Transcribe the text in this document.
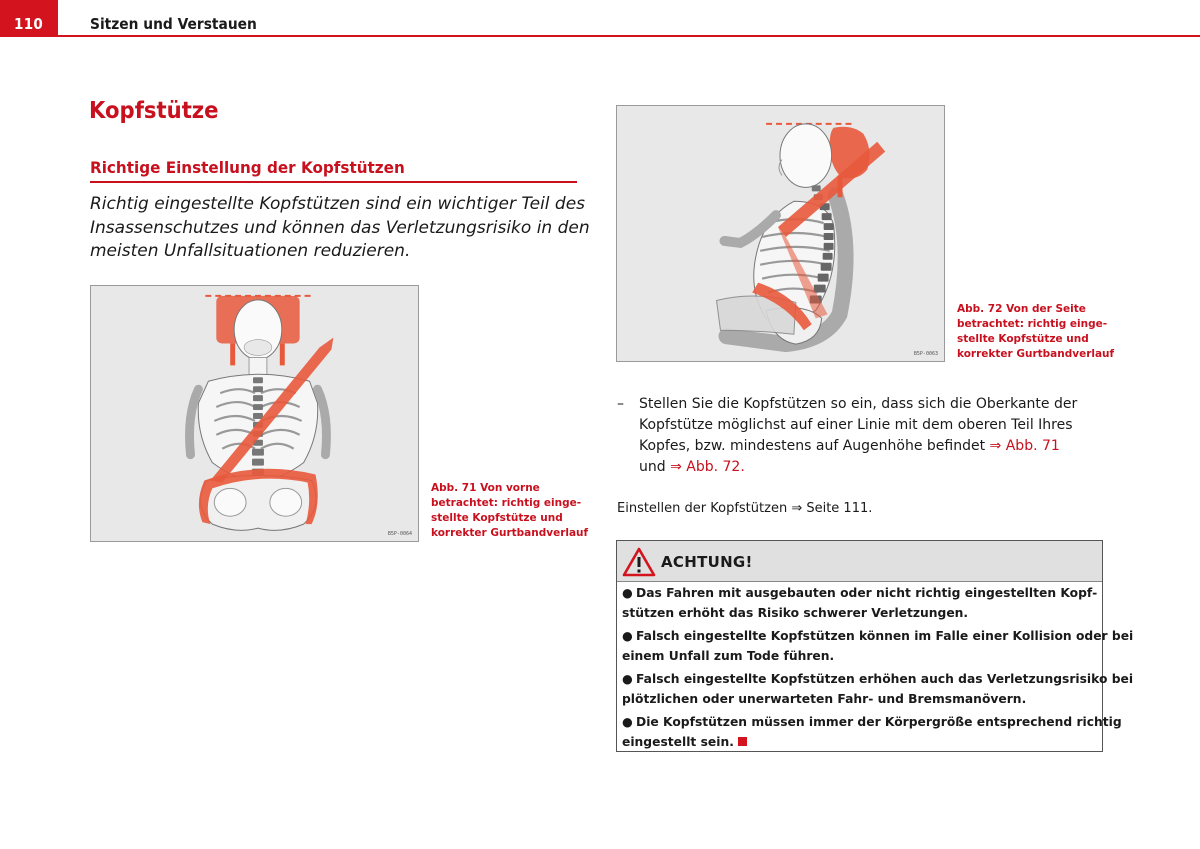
110	Sitzen und Verstauen
Kopfstütze
Richtige Einstellung der Kopfstützen
Richtig eingestellte Kopfstützen sind ein wichtiger Teil des
Insassenschutzes und können das Verletzungsrisiko in den
meisten Unfallsituationen reduzieren.
B5P-0064
Abb. 71 Von vorne
betrachtet: richtig einge-
stellte Kopfstütze und
korrekter Gurtbandverlauf
B5P-0063
Abb. 72 Von der Seite
betrachtet: richtig einge-
stellte Kopfstütze und
korrekter Gurtbandverlauf
– Stellen Sie die Kopfstützen so ein, dass sich die Oberkante der
Kopfstütze möglichst auf einer Linie mit dem oberen Teil Ihres
Kopfes, bzw. mindestens auf Augenhöhe befindet ⇒ Abb. 71
und ⇒ Abb. 72.
Einstellen der Kopfstützen ⇒ Seite 111.
ACHTUNG!
● Das Fahren mit ausgebauten oder nicht richtig eingestellten Kopf-
stützen erhöht das Risiko schwerer Verletzungen.
● Falsch eingestellte Kopfstützen können im Falle einer Kollision oder bei
einem Unfall zum Tode führen.
● Falsch eingestellte Kopfstützen erhöhen auch das Verletzungsrisiko bei
plötzlichen oder unerwarteten Fahr- und Bremsmanövern.
● Die Kopfstützen müssen immer der Körpergröße entsprechend richtig
eingestellt sein.
